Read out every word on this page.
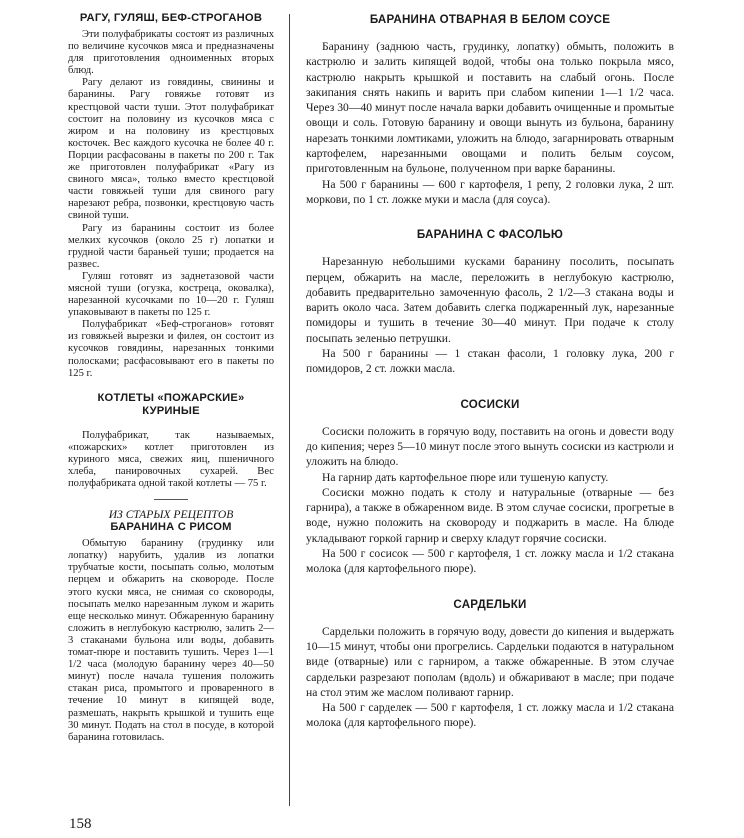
РАГУ, ГУЛЯШ, БЕФ-СТРОГАНОВ

Эти полуфабрикаты состоят из различных по величине кусочков мяса и предназначены для приготовления одноименных вторых блюд.

Рагу делают из говядины, свинины и баранины. Рагу говяжье готовят из крестцовой части туши. Этот полуфабрикат состоит на половину из кусочков мяса с жиром и на половину из крестцовых косточек. Вес каждого кусочка не более 40 г. Порции расфасованы в пакеты по 200 г. Так же приготовлен полуфабрикат «Рагу из свиного мяса», только вместо крестцовой части говяжьей туши для свиного рагу нарезают ребра, позвонки, крестцовую часть свиной туши.

Рагу из баранины состоит из более мелких кусочков (около 25 г) лопатки и грудной части бараньей туши; продается на развес.

Гуляш готовят из заднетазовой части мясной туши (огузка, костреца, оковалка), нарезанной кусочками по 10—20 г. Гуляш упаковывают в пакеты по 125 г.

Полуфабрикат «Беф-строганов» готовят из говяжьей вырезки и филея, он состоит из кусочков говядины, нарезанных тонкими полосками; расфасовывают его в пакеты по 125 г.

КОТЛЕТЫ «ПОЖАРСКИЕ»
КУРИНЫЕ

Полуфабрикат, так называемых, «пожарских» котлет приготовлен из куриного мяса, свежих яиц, пшеничного хлеба, панировочных сухарей. Вес полуфабриката одной такой котлеты — 75 г.

ИЗ СТАРЫХ РЕЦЕПТОВ
БАРАНИНА С РИСОМ

Обмытую баранину (грудинку или лопатку) нарубить, удалив из лопатки трубчатые кости, посыпать солью, молотым перцем и обжарить на сковороде. После этого куски мяса, не снимая со сковороды, посыпать мелко нарезанным луком и жарить еще несколько минут. Обжаренную баранину сложить в неглубокую кастрюлю, залить 2—3 стаканами бульона или воды, добавить томат-пюре и поставить тушить. Через 1—1 1/2 часа (молодую баранину через 40—50 минут) после начала тушения положить стакан риса, промытого и проваренного в течение 10 минут в кипящей воде, размешать, накрыть крышкой и тушить еще 30 минут. Подать на стол в посуде, в которой баранина готовилась.

БАРАНИНА ОТВАРНАЯ В БЕЛОМ СОУСЕ

Баранину (заднюю часть, грудинку, лопатку) обмыть, положить в кастрюлю и залить кипящей водой, чтобы она только покрыла мясо, кастрюлю накрыть крышкой и поставить на слабый огонь. После закипания снять накипь и варить при слабом кипении 1—1 1/2 часа. Через 30—40 минут после начала варки добавить очищенные и промытые овощи и соль. Готовую баранину и овощи вынуть из бульона, баранину нарезать тонкими ломтиками, уложить на блюдо, загарнировать отварным картофелем, нарезанными овощами и полить белым соусом, приготовленным на бульоне, полученном при варке баранины.

На 500 г баранины — 600 г картофеля, 1 репу, 2 головки лука, 2 шт. моркови, по 1 ст. ложке муки и масла (для соуса).

БАРАНИНА С ФАСОЛЬЮ

Нарезанную небольшими кусками баранину посолить, посыпать перцем, обжарить на масле, переложить в неглубокую кастрюлю, добавить предварительно замоченную фасоль, 2 1/2—3 стакана воды и варить около часа. Затем добавить слегка поджаренный лук, нарезанные помидоры и тушить в течение 30—40 минут. При подаче к столу посыпать зеленью петрушки.

На 500 г баранины — 1 стакан фасоли, 1 головку лука, 200 г помидоров, 2 ст. ложки масла.

СОСИСКИ

Сосиски положить в горячую воду, поставить на огонь и довести воду до кипения; через 5—10 минут после этого вынуть сосиски из кастрюли и уложить на блюдо.

На гарнир дать картофельное пюре или тушеную капусту.

Сосиски можно подать к столу и натуральные (отварные — без гарнира), а также в обжаренном виде. В этом случае сосиски, прогретые в воде, нужно положить на сковороду и поджарить в масле. На блюде укладывают горкой гарнир и сверху кладут горячие сосиски.

На 500 г сосисок — 500 г картофеля, 1 ст. ложку масла и 1/2 стакана молока (для картофельного пюре).

САРДЕЛЬКИ

Сардельки положить в горячую воду, довести до кипения и выдержать 10—15 минут, чтобы они прогрелись. Сардельки подаются в натуральном виде (отварные) или с гарниром, а также обжаренные. В этом случае сардельки разрезают пополам (вдоль) и обжаривают в масле; при подаче на стол этим же маслом поливают гарнир.

На 500 г сарделек — 500 г картофеля, 1 ст. ложку масла и 1/2 стакана молока (для картофельного пюре).

158
